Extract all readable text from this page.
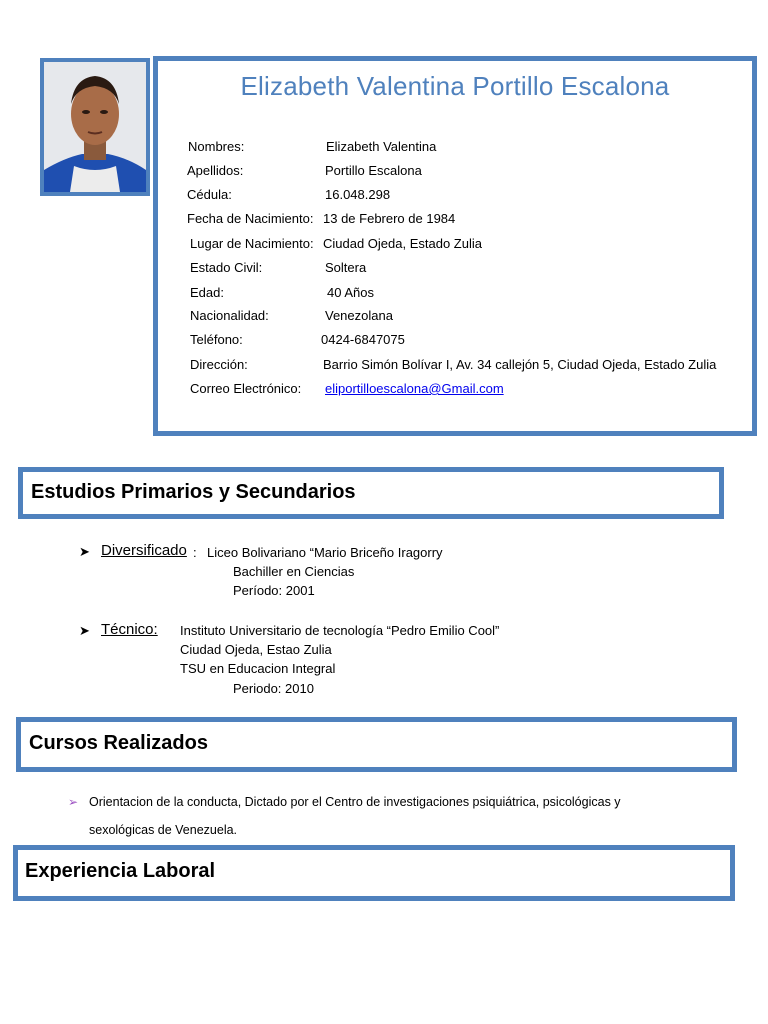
Elizabeth Valentina Portillo Escalona
Nombres:	Elizabeth Valentina
Apellidos:	Portillo Escalona
Cédula:	16.048.298
Fecha de Nacimiento: 13 de Febrero de 1984
Lugar de Nacimiento: Ciudad Ojeda, Estado Zulia
Estado Civil:	Soltera
Edad:	40 Años
Nacionalidad:	Venezolana
Teléfono:	0424-6847075
Dirección:	Barrio Simón Bolívar I, Av. 34 callejón 5, Ciudad Ojeda, Estado Zulia
Correo Electrónico: eliportilloescalona@Gmail.com
Estudios Primarios y Secundarios
➤ Diversificado : Liceo Bolivariano “Mario Briceño Iragorry
Bachiller en Ciencias
Período: 2001
➤ Técnico: Instituto Universitario de tecnología “Pedro Emilio Cool”
Ciudad Ojeda, Estao Zulia
TSU en Educacion Integral
Periodo: 2010
Cursos Realizados
➢ Orientacion de la conducta, Dictado por el Centro de investigaciones psiquiátrica, psicológicas y
sexológicas de Venezuela.
Experiencia Laboral
